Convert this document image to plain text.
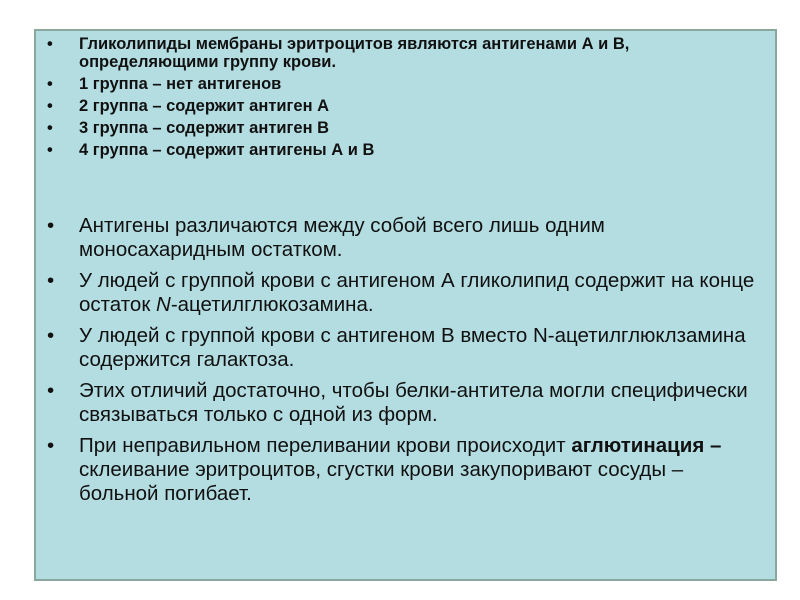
• Гликолипиды мембраны эритроцитов являются антигенами А и В, определяющими группу крови.
• 1 группа – нет антигенов
• 2 группа – содержит антиген А
• 3 группа – содержит антиген В
• 4 группа – содержит антигены А и В
• Антигены различаются между собой всего лишь одним моносахаридным остатком.
• У людей с группой крови с антигеном А гликолипид содержит на конце остаток N-ацетилглюкозамина.
• У людей с группой крови с антигеном В вместо N-ацетилглюклзамина содержится галактоза.
• Этих отличий достаточно, чтобы белки-антитела могли специфически связываться только с одной из форм.
• При неправильном переливании крови происходит аглютинация – склеивание эритроцитов, сгустки крови закупоривают сосуды – больной погибает.
